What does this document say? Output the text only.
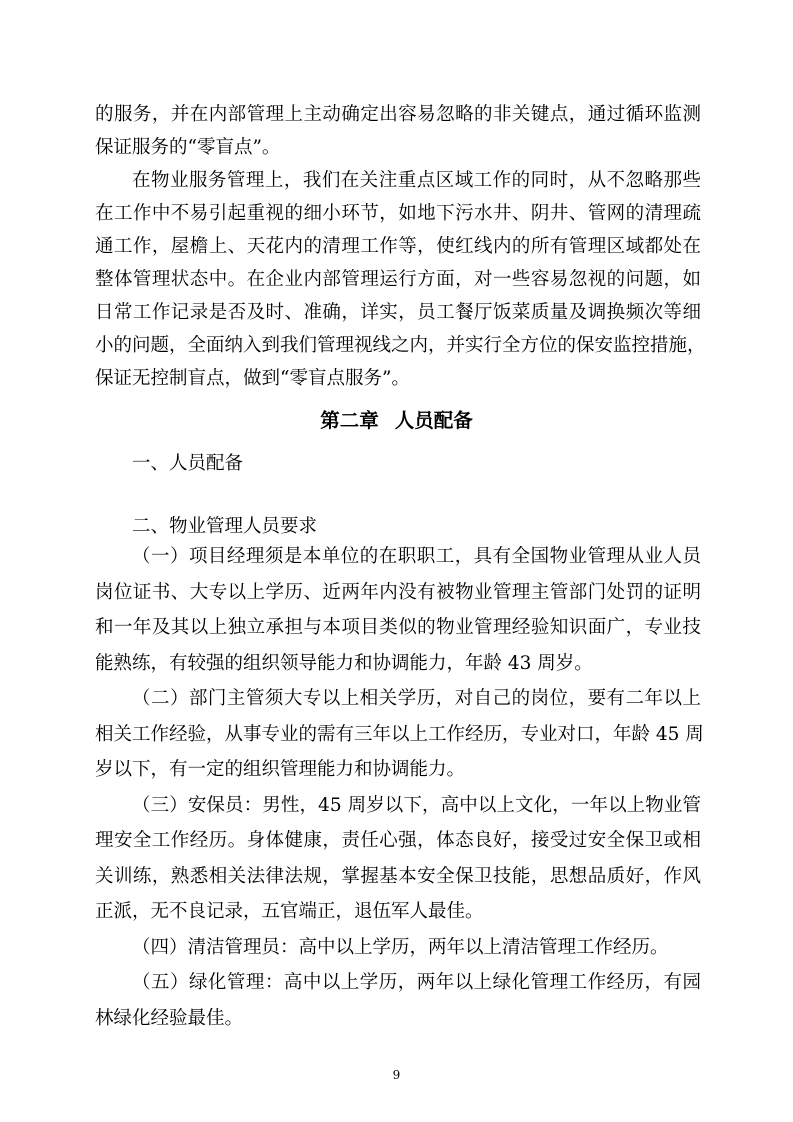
的服务，并在内部管理上主动确定出容易忽略的非关键点，通过循环监测
保证服务的“零盲点”。
在物业服务管理上，我们在关注重点区域工作的同时，从不忽略那些
在工作中不易引起重视的细小环节，如地下污水井、阴井、管网的清理疏
通工作，屋檐上、天花内的清理工作等，使红线内的所有管理区域都处在
整体管理状态中。在企业内部管理运行方面，对一些容易忽视的问题，如
日常工作记录是否及时、准确，详实，员工餐厅饭菜质量及调换频次等细
小的问题，全面纳入到我们管理视线之内，并实行全方位的保安监控措施，
保证无控制盲点，做到“零盲点服务”。
第二章 人员配备
一、人员配备
二、物业管理人员要求
（一）项目经理须是本单位的在职职工，具有全国物业管理从业人员
岗位证书、大专以上学历、近两年内没有被物业管理主管部门处罚的证明
和一年及其以上独立承担与本项目类似的物业管理经验知识面广，专业技
能熟练，有较强的组织领导能力和协调能力，年龄 43 周岁。
（二）部门主管须大专以上相关学历，对自己的岗位，要有二年以上
相关工作经验，从事专业的需有三年以上工作经历，专业对口，年龄 45 周
岁以下，有一定的组织管理能力和协调能力。
（三）安保员：男性，45 周岁以下，高中以上文化，一年以上物业管
理安全工作经历。身体健康，责任心强，体态良好，接受过安全保卫或相
关训练，熟悉相关法律法规，掌握基本安全保卫技能，思想品质好，作风
正派，无不良记录，五官端正，退伍军人最佳。
（四）清洁管理员：高中以上学历，两年以上清洁管理工作经历。
（五）绿化管理：高中以上学历，两年以上绿化管理工作经历，有园
林绿化经验最佳。
9
